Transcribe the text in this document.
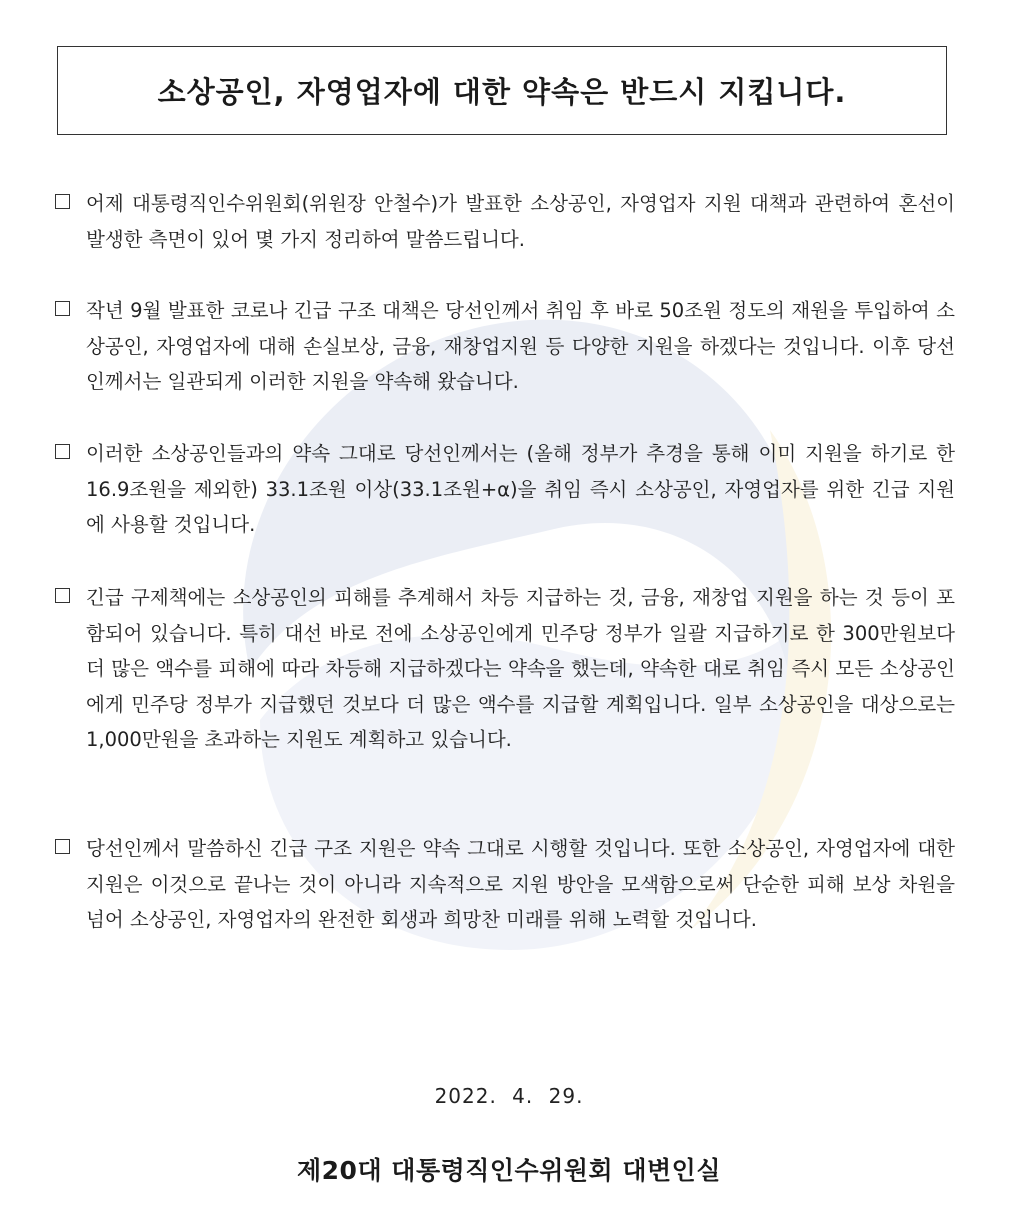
소상공인, 자영업자에 대한 약속은 반드시 지킵니다.
어제 대통령직인수위원회(위원장 안철수)가 발표한 소상공인, 자영업자 지원 대책과 관련하여 혼선이 발생한 측면이 있어 몇 가지 정리하여 말씀드립니다.
작년 9월 발표한 코로나 긴급 구조 대책은 당선인께서 취임 후 바로 50조원 정도의 재원을 투입하여 소상공인, 자영업자에 대해 손실보상, 금융, 재창업지원 등 다양한 지원을 하겠다는 것입니다. 이후 당선인께서는 일관되게 이러한 지원을 약속해 왔습니다.
이러한 소상공인들과의 약속 그대로 당선인께서는 (올해 정부가 추경을 통해 이미 지원을 하기로 한 16.9조원을 제외한) 33.1조원 이상(33.1조원+α)을 취임 즉시 소상공인, 자영업자를 위한 긴급 지원에 사용할 것입니다.
긴급 구제책에는 소상공인의 피해를 추계해서 차등 지급하는 것, 금융, 재창업 지원을 하는 것 등이 포함되어 있습니다. 특히 대선 바로 전에 소상공인에게 민주당 정부가 일괄 지급하기로 한 300만원보다 더 많은 액수를 피해에 따라 차등해 지급하겠다는 약속을 했는데, 약속한 대로 취임 즉시 모든 소상공인에게 민주당 정부가 지급했던 것보다 더 많은 액수를 지급할 계획입니다. 일부 소상공인을 대상으로는 1,000만원을 초과하는 지원도 계획하고 있습니다.
당선인께서 말씀하신 긴급 구조 지원은 약속 그대로 시행할 것입니다. 또한 소상공인, 자영업자에 대한 지원은 이것으로 끝나는 것이 아니라 지속적으로 지원 방안을 모색함으로써 단순한 피해 보상 차원을 넘어 소상공인, 자영업자의 완전한 회생과 희망찬 미래를 위해 노력할 것입니다.
2022. 4. 29.
제20대 대통령직인수위원회 대변인실
